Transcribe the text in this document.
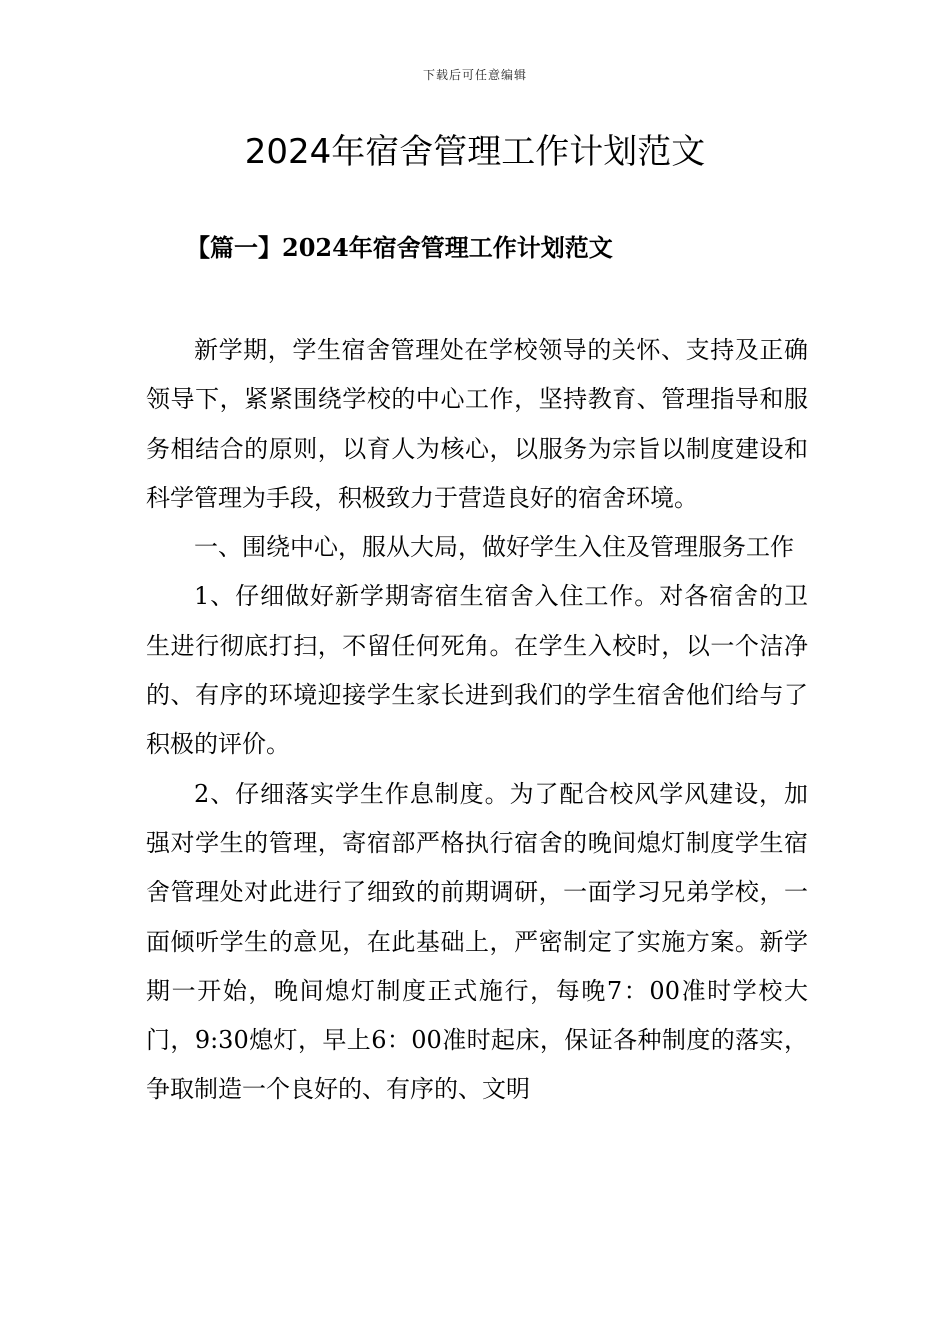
下载后可任意编辑
2024年宿舍管理工作计划范文
【篇一】2024年宿舍管理工作计划范文

新学期，学生宿舍管理处在学校领导的关怀、支持及正确领导下，紧紧围绕学校的中心工作，坚持教育、管理指导和服务相结合的原则，以育人为核心，以服务为宗旨以制度建设和科学管理为手段，积极致力于营造良好的宿舍环境。

一、围绕中心，服从大局，做好学生入住及管理服务工作

1、仔细做好新学期寄宿生宿舍入住工作。对各宿舍的卫生进行彻底打扫，不留任何死角。在学生入校时，以一个洁净的、有序的环境迎接学生家长进到我们的学生宿舍他们给与了积极的评价。

2、仔细落实学生作息制度。为了配合校风学风建设，加强对学生的管理，寄宿部严格执行宿舍的晚间熄灯制度学生宿舍管理处对此进行了细致的前期调研，一面学习兄弟学校，一面倾听学生的意见，在此基础上，严密制定了实施方案。新学期一开始，晚间熄灯制度正式施行，每晚7：00准时学校大门，9:30熄灯，早上6：00准时起床，保证各种制度的落实，争取制造一个良好的、有序的、文明
